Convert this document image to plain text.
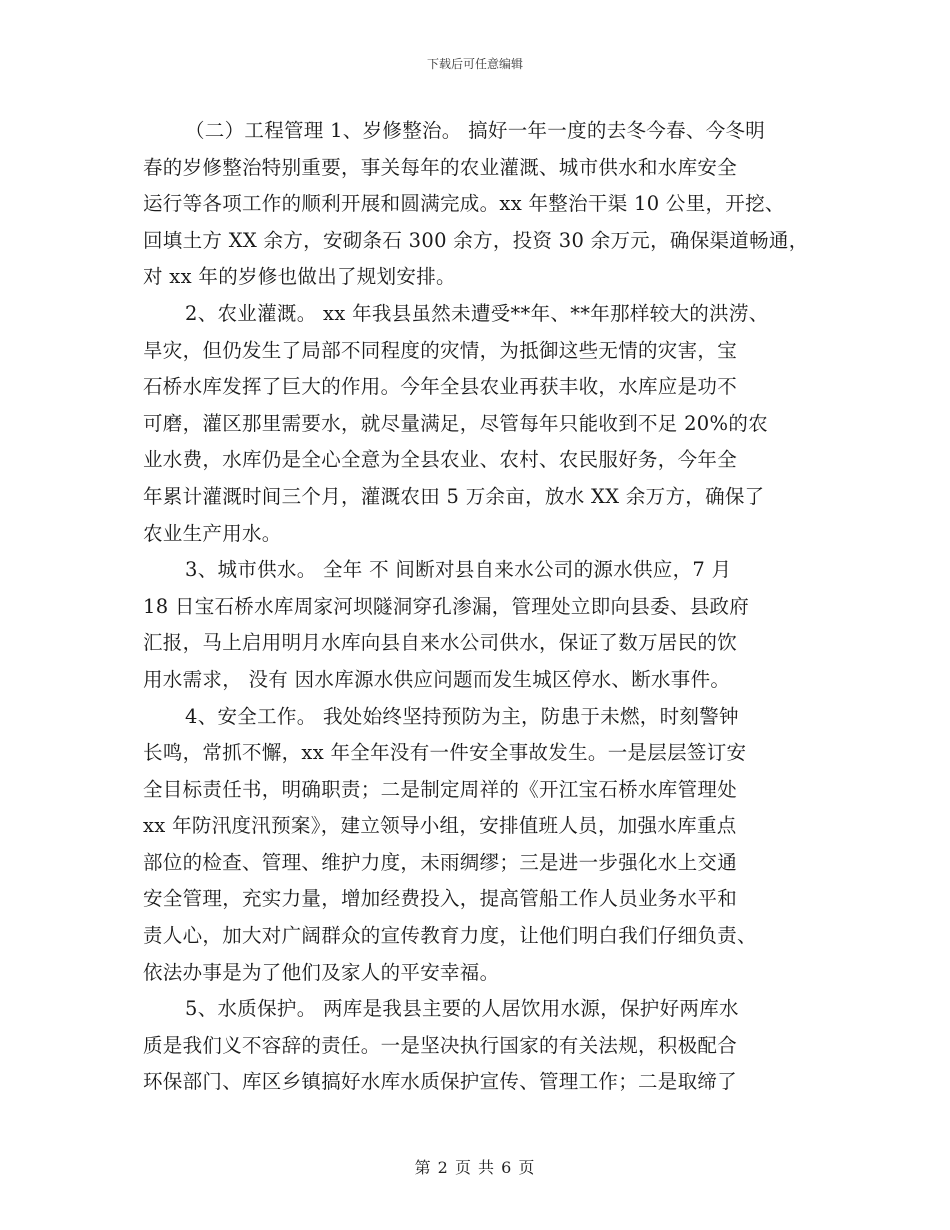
下载后可任意编辑
（二）工程管理 1、岁修整治。 搞好一年一度的去冬今春、今冬明
春的岁修整治特别重要，事关每年的农业灌溉、城市供水和水库安全
运行等各项工作的顺利开展和圆满完成。xx 年整治干渠 10 公里，开挖、
回填土方 XX 余方，安砌条石 300 余方，投资 30 余万元，确保渠道畅通，
对 xx 年的岁修也做出了规划安排。
2、农业灌溉。 xx 年我县虽然未遭受**年、**年那样较大的洪涝、
旱灾，但仍发生了局部不同程度的灾情，为抵御这些无情的灾害，宝
石桥水库发挥了巨大的作用。今年全县农业再获丰收，水库应是功不
可磨，灌区那里需要水，就尽量满足，尽管每年只能收到不足 20%的农
业水费，水库仍是全心全意为全县农业、农村、农民服好务，今年全
年累计灌溉时间三个月，灌溉农田 5 万余亩，放水 XX 余万方，确保了
农业生产用水。
3、城市供水。 全年 不 间断对县自来水公司的源水供应，7 月
18 日宝石桥水库周家河坝隧洞穿孔渗漏，管理处立即向县委、县政府
汇报，马上启用明月水库向县自来水公司供水，保证了数万居民的饮
用水需求， 没有 因水库源水供应问题而发生城区停水、断水事件。
4、安全工作。 我处始终坚持预防为主，防患于未燃，时刻警钟
长鸣，常抓不懈，xx 年全年没有一件安全事故发生。一是层层签订安
全目标责任书，明确职责；二是制定周祥的《开江宝石桥水库管理处
xx 年防汛度汛预案》，建立领导小组，安排值班人员，加强水库重点
部位的检查、管理、维护力度，未雨绸缪；三是进一步强化水上交通
安全管理，充实力量，增加经费投入，提高管船工作人员业务水平和
责人心，加大对广阔群众的宣传教育力度，让他们明白我们仔细负责、
依法办事是为了他们及家人的平安幸福。
5、水质保护。 两库是我县主要的人居饮用水源，保护好两库水
质是我们义不容辞的责任。一是坚决执行国家的有关法规，积极配合
环保部门、库区乡镇搞好水库水质保护宣传、管理工作；二是取缔了
第 2 页 共 6 页
